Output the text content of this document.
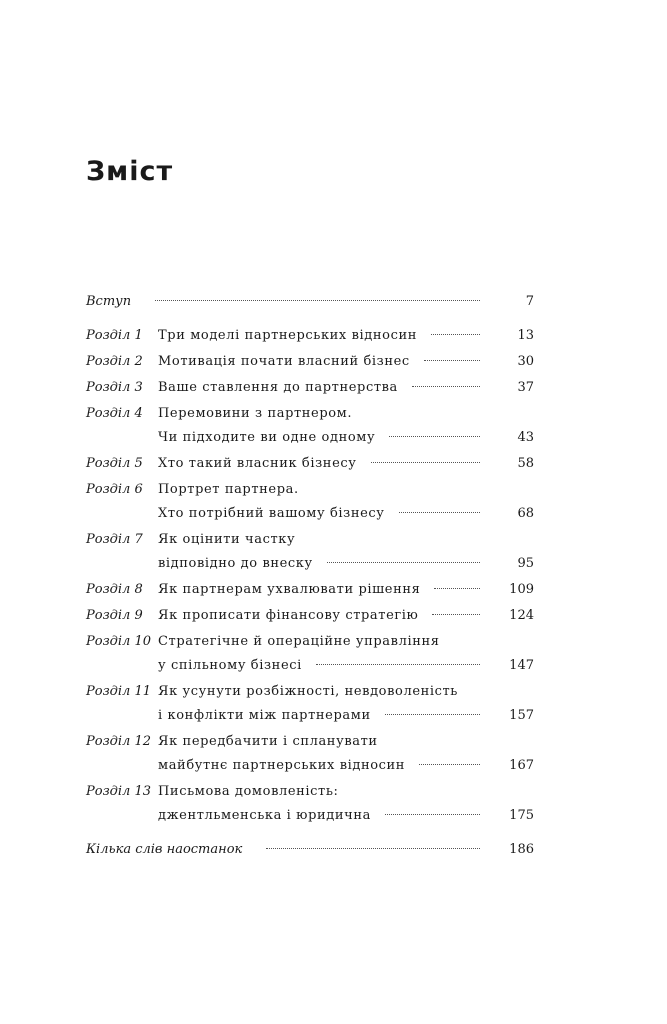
Зміст
Вступ	7
Розділ 1	Три моделі партнерських відносин	13
Розділ 2	Мотивація почати власний бізнес	30
Розділ 3	Ваше ставлення до партнерства	37
Розділ 4	Перемовини з партнером.
Чи підходите ви одне одному	43
Розділ 5	Хто такий власник бізнесу	58
Розділ 6	Портрет партнера.
Хто потрібний вашому бізнесу	68
Розділ 7	Як оцінити частку
відповідно до внеску	95
Розділ 8	Як партнерам ухвалювати рішення	109
Розділ 9	Як прописати фінансову стратегію	124
Розділ 10 Стратегічне й операційне управління
у спільному бізнесі	147
Розділ 11 Як усунути розбіжності, невдоволеність
і конфлікти між партнерами	157
Розділ 12 Як передбачити і спланувати
майбутнє партнерських відносин	167
Розділ 13 Письмова домовленість:
джентльменська і юридична	175
Кілька слів наостанок	186
